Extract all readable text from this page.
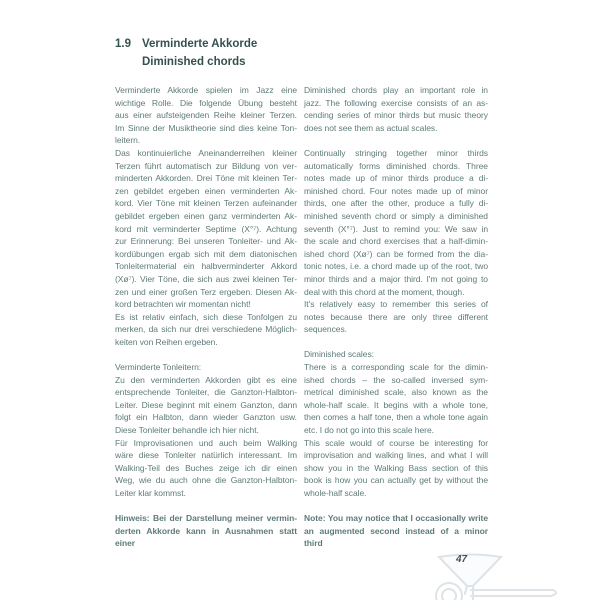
1.9 Verminderte Akkorde
Diminished chords
Verminderte Akkorde spielen im Jazz eine
wichtige Rolle. Die folgende Übung besteht
aus einer aufsteigenden Reihe kleiner Terzen.
Im Sinne der Musiktheorie sind dies keine Ton-
leitern.
Das kontinuierliche Aneinanderreihen kleiner
Terzen führt automatisch zur Bildung von ver-
minderten Akkorden. Drei Töne mit kleinen Ter-
zen gebildet ergeben einen verminderten Ak-
kord. Vier Töne mit kleinen Terzen aufeinander
gebildet ergeben einen ganz verminderten Ak-
kord mit verminderter Septime (X°⁷). Achtung
zur Erinnerung: Bei unseren Tonleiter- und Ak-
kordübungen ergab sich mit dem diatonischen
Tonleitermaterial ein halbverminderter Akkord
(Xø⁷). Vier Töne, die sich aus zwei kleinen Ter-
zen und einer großen Terz ergeben. Diesen Ak-
kord betrachten wir momentan nicht!
Es ist relativ einfach, sich diese Tonfolgen zu
merken, da sich nur drei verschiedene Möglich-
keiten von Reihen ergeben.
Verminderte Tonleitern:
Zu den verminderten Akkorden gibt es eine
entsprechende Tonleiter, die Ganzton-Halbton-
Leiter. Diese beginnt mit einem Ganzton, dann
folgt ein Halbton, dann wieder Ganzton usw.
Diese Tonleiter behandle ich hier nicht.
Für Improvisationen und auch beim Walking
wäre diese Tonleiter natürlich interessant. Im
Walking-Teil des Buches zeige ich dir einen
Weg, wie du auch ohne die Ganzton-Halbton-
Leiter klar kommst.
Hinweis: Bei der Darstellung meiner vermin-
derten Akkorde kann in Ausnahmen statt einer
Diminished chords play an important role in
jazz. The following exercise consists of an as-
cending series of minor thirds but music theory
does not see them as actual scales.
Continually stringing together minor thirds
automatically forms diminished chords. Three
notes made up of minor thirds produce a di-
minished chord. Four notes made up of minor
thirds, one after the other, produce a fully di-
minished seventh chord or simply a diminished
seventh (X°⁷). Just to remind you: We saw in
the scale and chord exercises that a half-dimin-
ished chord (Xø⁷) can be formed from the dia-
tonic notes, i.e. a chord made up of the root, two
minor thirds and a major third. I'm not going to
deal with this chord at the moment, though.
It's relatively easy to remember this series of
notes because there are only three different
sequences.
Diminished scales:
There is a corresponding scale for the dimin-
ished chords – the so-called inversed sym-
metrical diminished scale, also known as the
whole-half scale. It begins with a whole tone,
then comes a half tone, then a whole tone again
etc. I do not go into this scale here.
This scale would of course be interesting for
improvisation and walking lines, and what I will
show you in the Walking Bass section of this
book is how you can actually get by without the
whole-half scale.
Note: You may notice that I occasionally write
an augmented second instead of a minor third
47
